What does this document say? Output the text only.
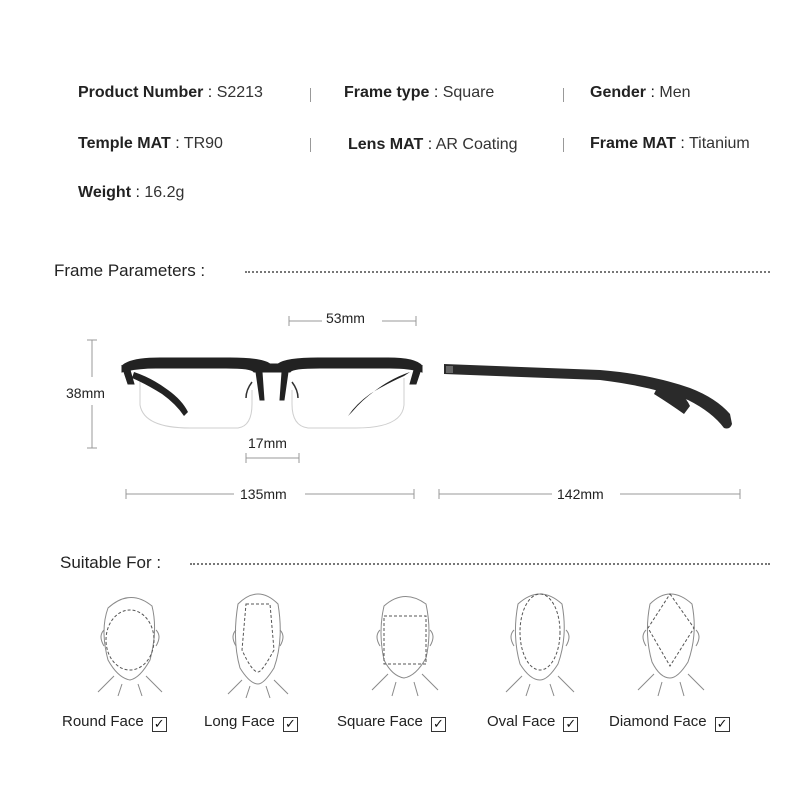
Product Number : S2213	Frame type : Square	Gender : Men
Temple MAT : TR90	Lens MAT : AR Coating	Frame MAT : Titanium
Weight : 16.2g
Frame Parameters :
53mm
38mm
17mm
135mm	142mm
Suitable For :
Round Face ✓	Long Face ✓	Square Face ✓	Oval Face ✓ Diamond Face ✓
